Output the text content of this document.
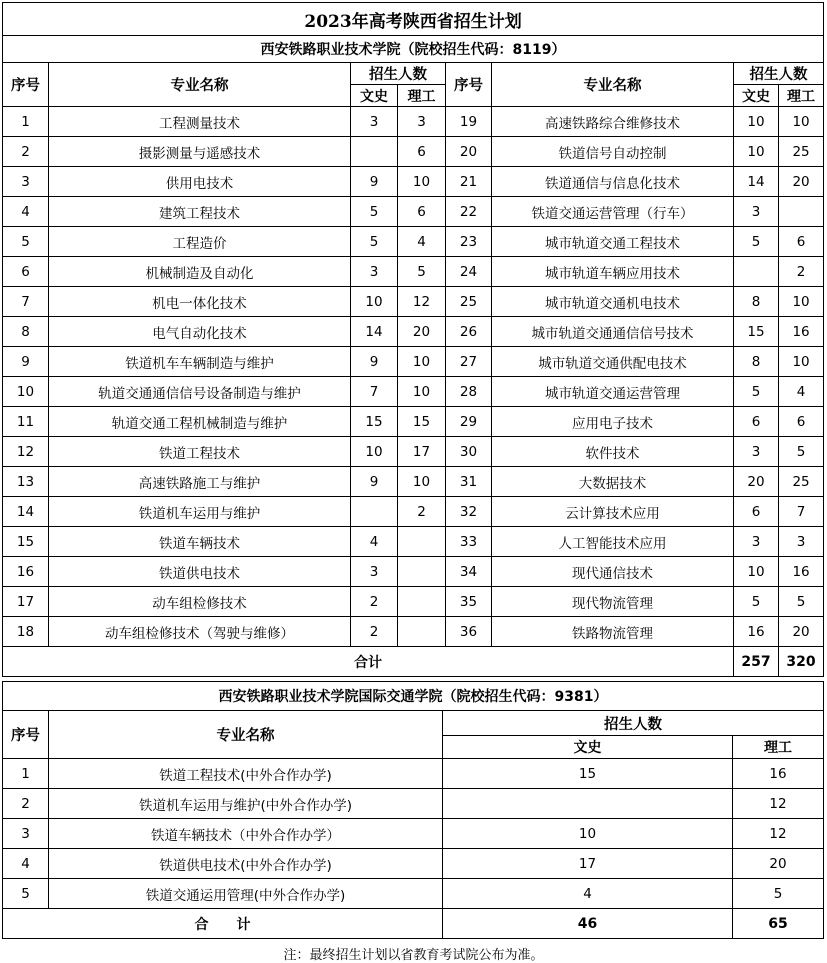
2023年高考陕西省招生计划							
西安铁路职业技术学院（院校招生代码：8119）							
序号	专业名称	招生人数		序号	专业名称	招生人数	
		文史	理工			文史	理工
1	工程测量技术	3	3	19	高速铁路综合维修技术	10	10
2	摄影测量与遥感技术		6	20	铁道信号自动控制	10	25
3	供用电技术	9	10	21	铁道通信与信息化技术	14	20
4	建筑工程技术	5	6	22	铁道交通运营管理（行车）	3	
5	工程造价	5	4	23	城市轨道交通工程技术	5	6
6	机械制造及自动化	3	5	24	城市轨道车辆应用技术		2
7	机电一体化技术	10	12	25	城市轨道交通机电技术	8	10
8	电气自动化技术	14	20	26	城市轨道交通通信信号技术	15	16
9	铁道机车车辆制造与维护	9	10	27	城市轨道交通供配电技术	8	10
10	轨道交通通信信号设备制造与维护	7	10	28	城市轨道交通运营管理	5	4
11	轨道交通工程机械制造与维护	15	15	29	应用电子技术	6	6
12	铁道工程技术	10	17	30	软件技术	3	5
13	高速铁路施工与维护	9	10	31	大数据技术	20	25
14	铁道机车运用与维护		2	32	云计算技术应用	6	7
15	铁道车辆技术	4		33	人工智能技术应用	3	3
16	铁道供电技术	3		34	现代通信技术	10	16
17	动车组检修技术	2		35	现代物流管理	5	5
18	动车组检修技术（驾驶与维修）	2		36	铁路物流管理	16	20
合计						257	320
西安铁路职业技术学院国际交通学院（院校招生代码：9381）			
序号	专业名称	招生人数	
		文史	理工
1	铁道工程技术(中外合作办学)	15	16
2	铁道机车运用与维护(中外合作办学)		12
3	铁道车辆技术（中外合作办学）	10	12
4	铁道供电技术(中外合作办学)	17	20
5	铁道交通运用管理(中外合作办学)	4	5
合　　计		46	65
注：最终招生计划以省教育考试院公布为准。
